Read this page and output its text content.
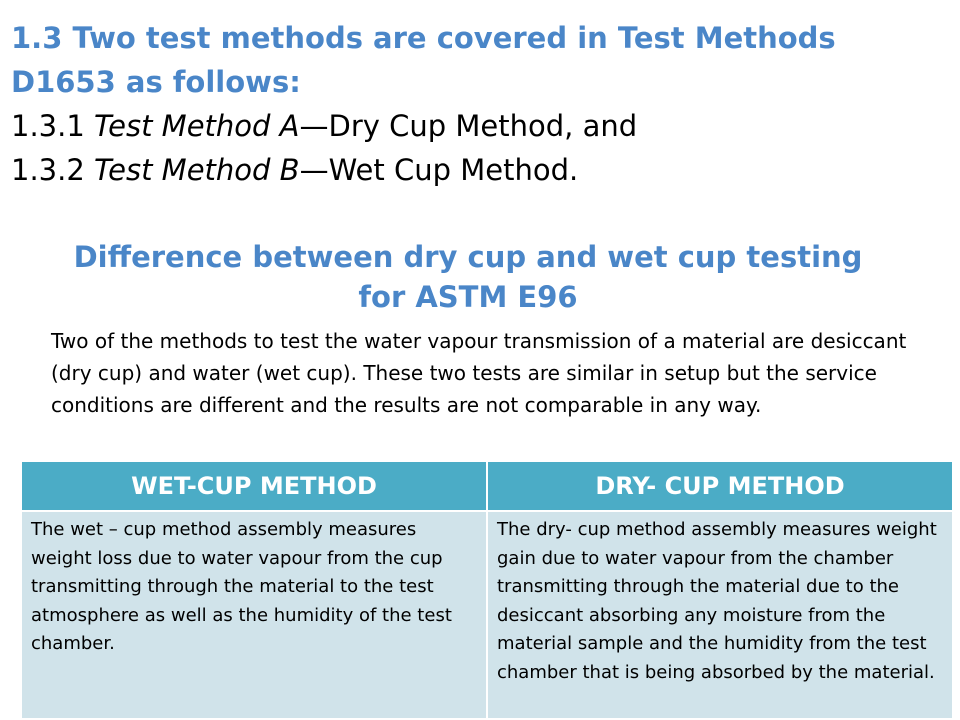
1.3 Two test methods are covered in Test Methods
D1653 as follows:
1.3.1 Test Method A—Dry Cup Method, and
1.3.2 Test Method B—Wet Cup Method.
Difference between dry cup and wet cup testing
for ASTM E96
Two of the methods to test the water vapour transmission of a material are desiccant (dry cup) and water (wet cup). These two tests are similar in setup but the service conditions are different and the results are not comparable in any way.
WET-CUP METHOD	DRY- CUP METHOD
The wet – cup method assembly measures weight loss due to water vapour from the cup transmitting through the material to the test atmosphere as well as the humidity of the test chamber.	The dry- cup method assembly measures weight gain due to water vapour from the chamber transmitting through the material due to the desiccant absorbing any moisture from the material sample and the humidity from the test chamber that is being absorbed by the material.
